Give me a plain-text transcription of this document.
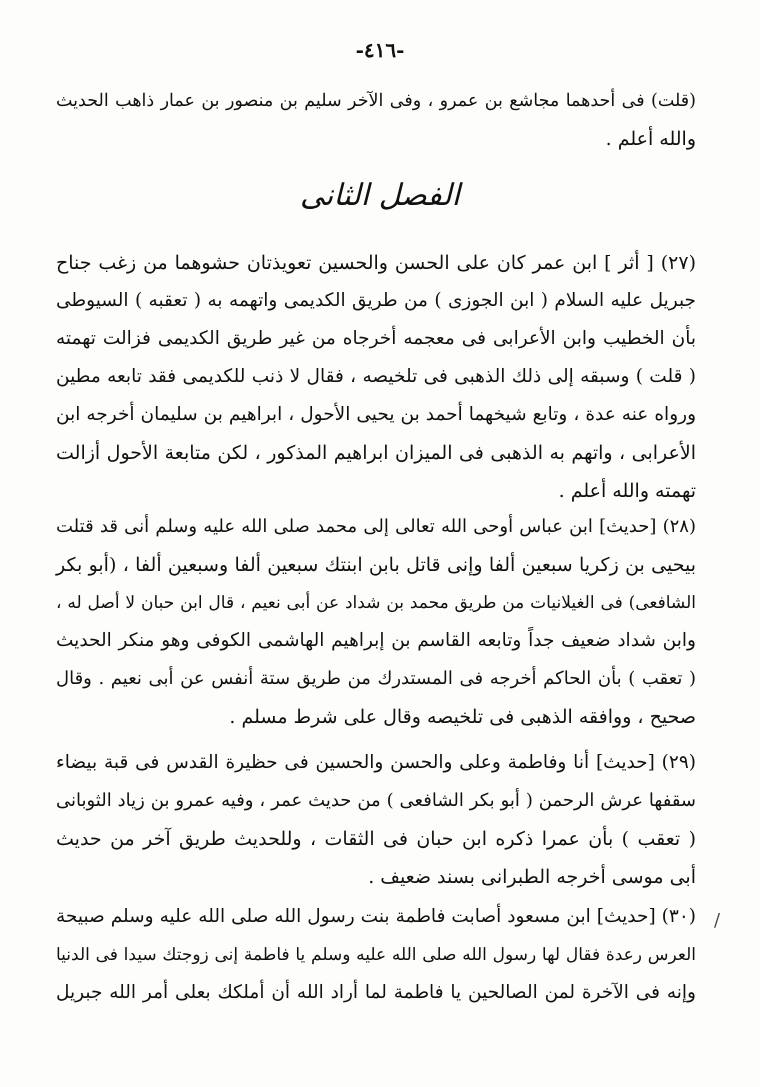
-٤١٦-
(قلت) فى أحدهما مجاشع بن عمرو ، وفى الآخر سليم بن منصور بن عمار ذاهب الحديث
والله أعلم .
الفصل الثانى
(٢٧) [ أثر ] ابن عمر كان على الحسن والحسين تعويذتان حشوهما من زغب جناح
جبريل عليه السلام ( ابن الجوزى ) من طريق الكديمى واتهمه به ( تعقبه ) السيوطى
بأن الخطيب وابن الأعرابى فى معجمه أخرجاه من غير طريق الكديمى فزالت تهمته
( قلت ) وسبقه إلى ذلك الذهبى فى تلخيصه ، فقال لا ذنب للكديمى فقد تابعه مطين
ورواه عنه عدة ، وتابع شيخهما أحمد بن يحيى الأحول ، ابراهيم بن سليمان أخرجه ابن
الأعرابى ، واتهم به الذهبى فى الميزان ابراهيم المذكور ، لكن متابعة الأحول أزالت
تهمته والله أعلم .
(٢٨) [حديث] ابن عباس أوحى الله تعالى إلى محمد صلى الله عليه وسلم أنى قد قتلت
بيحيى بن زكريا سبعين ألفا وإنى قاتل بابن ابنتك سبعين ألفا وسبعين ألفا ، (أبو بكر
الشافعى) فى الغيلانيات من طريق محمد بن شداد عن أبى نعيم ، قال ابن حبان لا أصل له ،
وابن شداد ضعيف جداً وتابعه القاسم بن إبراهيم الهاشمى الكوفى وهو منكر الحديث
( تعقب ) بأن الحاكم أخرجه فى المستدرك من طريق ستة أنفس عن أبى نعيم . وقال
صحيح ، ووافقه الذهبى فى تلخيصه وقال على شرط مسلم .
(٢٩) [حديث] أنا وفاطمة وعلى والحسن والحسين فى حظيرة القدس فى قبة بيضاء
سقفها عرش الرحمن ( أبو بكر الشافعى ) من حديث عمر ، وفيه عمرو بن زياد الثوبانى
( تعقب ) بأن عمرا ذكره ابن حبان فى الثقات ، وللحديث طريق آخر من حديث
أبى موسى أخرجه الطبرانى بسند ضعيف .
/
(٣٠) [حديث] ابن مسعود أصابت فاطمة بنت رسول الله صلى الله عليه وسلم صبيحة
العرس رعدة فقال لها رسول الله صلى الله عليه وسلم يا فاطمة إنى زوجتك سيدا فى الدنيا
وإنه فى الآخرة لمن الصالحين يا فاطمة لما أراد الله أن أملكك بعلى أمر الله جبريل
